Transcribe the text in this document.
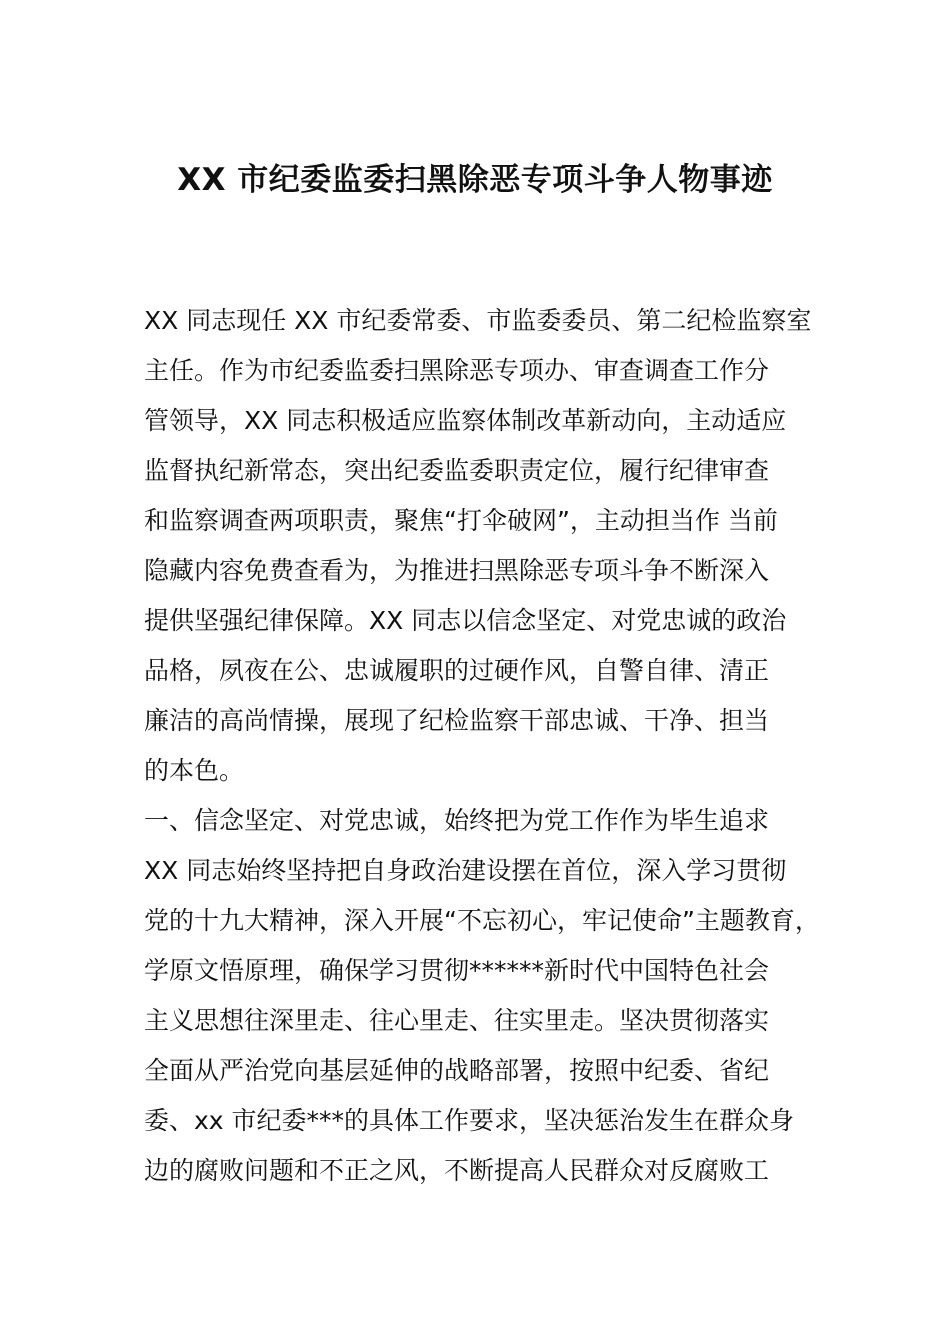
XX 市纪委监委扫黑除恶专项斗争人物事迹

XX 同志现任 XX 市纪委常委、市监委委员、第二纪检监察室

主任。作为市纪委监委扫黑除恶专项办、审查调查工作分

管领导，XX 同志积极适应监察体制改革新动向，主动适应

监督执纪新常态，突出纪委监委职责定位，履行纪律审查

和监察调查两项职责，聚焦“打伞破网”，主动担当作 当前

隐藏内容免费查看为，为推进扫黑除恶专项斗争不断深入

提供坚强纪律保障。XX 同志以信念坚定、对党忠诚的政治

品格，夙夜在公、忠诚履职的过硬作风，自警自律、清正

廉洁的高尚情操，展现了纪检监察干部忠诚、干净、担当

的本色。

一、信念坚定、对党忠诚，始终把为党工作作为毕生追求

XX 同志始终坚持把自身政治建设摆在首位，深入学习贯彻

党的十九大精神，深入开展“不忘初心，牢记使命”主题教育，

学原文悟原理，确保学习贯彻******新时代中国特色社会

主义思想往深里走、往心里走、往实里走。坚决贯彻落实

全面从严治党向基层延伸的战略部署，按照中纪委、省纪

委、xx 市纪委***的具体工作要求，坚决惩治发生在群众身

边的腐败问题和不正之风，不断提高人民群众对反腐败工
